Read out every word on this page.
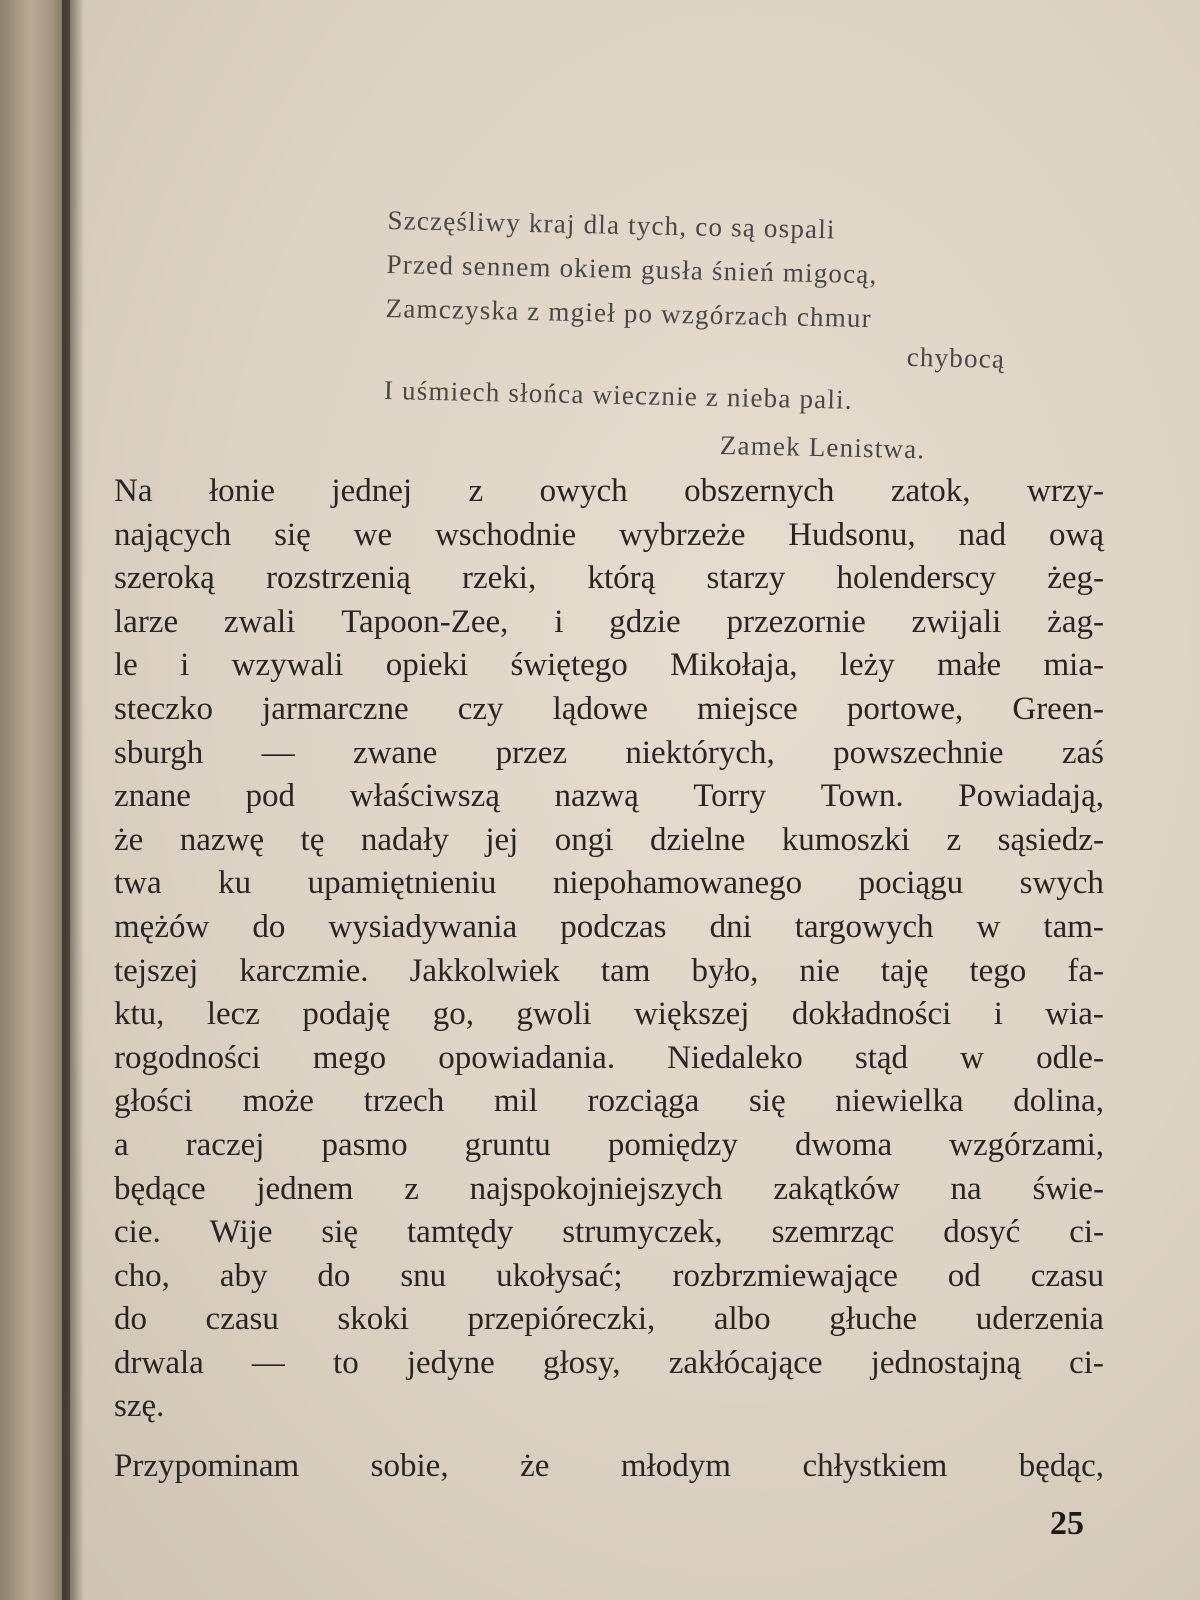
Szczęśliwy kraj dla tych, co są ospali
Przed sennem okiem gusła śnień migocą,
Zamczyska z mgieł po wzgórzach chmur
chybocą
I uśmiech słońca wiecznie z nieba pali.
Zamek Lenistwa.
Na łonie jednej z owych obszernych zatok, wrzy-
nających się we wschodnie wybrzeże Hudsonu, nad ową
szeroką rozstrzenią rzeki, którą starzy holenderscy żeg-
larze zwali Tapoon-Zee, i gdzie przezornie zwijali żag-
le i wzywali opieki świętego Mikołaja, leży małe mia-
steczko jarmarczne czy lądowe miejsce portowe, Green-
sburgh — zwane przez niektórych, powszechnie zaś
znane pod właściwszą nazwą Torry Town. Powiadają,
że nazwę tę nadały jej ongi dzielne kumoszki z sąsiedz-
twa ku upamiętnieniu niepohamowanego pociągu swych
mężów do wysiadywania podczas dni targowych w tam-
tejszej karczmie. Jakkolwiek tam było, nie taję tego fa-
ktu, lecz podaję go, gwoli większej dokładności i wia-
rogodności mego opowiadania. Niedaleko stąd w odle-
głości może trzech mil rozciąga się niewielka dolina,
a raczej pasmo gruntu pomiędzy dwoma wzgórzami,
będące jednem z najspokojniejszych zakątków na świe-
cie. Wije się tamtędy strumyczek, szemrząc dosyć ci-
cho, aby do snu ukołysać; rozbrzmiewające od czasu
do czasu skoki przepióreczki, albo głuche uderzenia
drwala — to jedyne głosy, zakłócające jednostajną ci-
szę.
Przypominam sobie, że młodym chłystkiem będąc,
25
